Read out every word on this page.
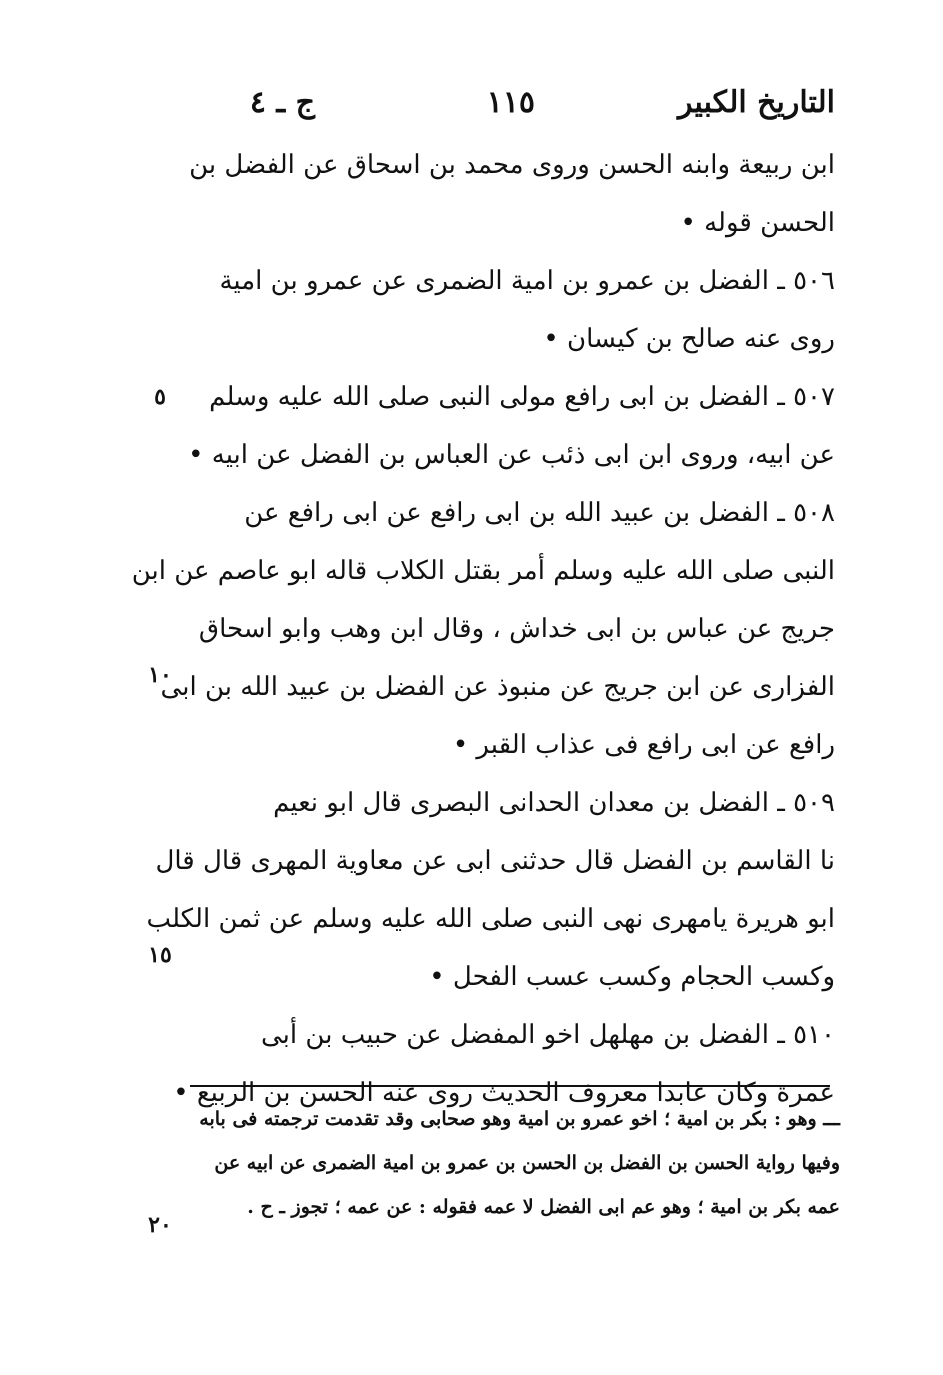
التاريخ الكبير
١١٥
ج ـ ٤
ابن ربيعة وابنه الحسن وروى محمد بن اسحاق عن الفضل بن
الحسن قوله •
٥٠٦ ـ الفضل بن عمرو بن امية الضمرى عن عمرو بن امية
روى عنه صالح بن كيسان •
٥٠٧ ـ الفضل بن ابى رافع مولى النبى صلى الله عليه وسلم
عن ابيه، وروى ابن ابى ذئب عن العباس بن الفضل عن ابيه •
٥٠٨ ـ الفضل بن عبيد الله بن ابى رافع عن ابى رافع عن
النبى صلى الله عليه وسلم أمر بقتل الكلاب قاله ابو عاصم عن ابن
جريج عن عباس بن ابى خداش ، وقال ابن وهب وابو اسحاق
الفزارى عن ابن جريج عن منبوذ عن الفضل بن عبيد الله بن ابى
رافع عن ابى رافع فى عذاب القبر •
٥٠٩ ـ الفضل بن معدان الحدانى البصرى قال ابو نعيم
نا القاسم بن الفضل قال حدثنى ابى عن معاوية المهرى قال قال
ابو هريرة يامهرى نهى النبى صلى الله عليه وسلم عن ثمن الكلب
وكسب الحجام وكسب عسب الفحل •
٥١٠ ـ الفضل بن مهلهل اخو المفضل عن حبيب بن أبى
عمرة وكان عابدا معروف الحديث روى عنه الحسن بن الربيع •
٥
١٠
١٥
٢٠
ـــ وهو : بكر بن امية ؛ اخو عمرو بن امية وهو صحابى وقد تقدمت ترجمته فى بابه
وفيها رواية الحسن بن الفضل بن الحسن بن عمرو بن امية الضمرى عن ابيه عن
عمه بكر بن امية ؛ وهو عم ابى الفضل لا عمه فقوله : عن عمه ؛ تجوز ـ ح .
